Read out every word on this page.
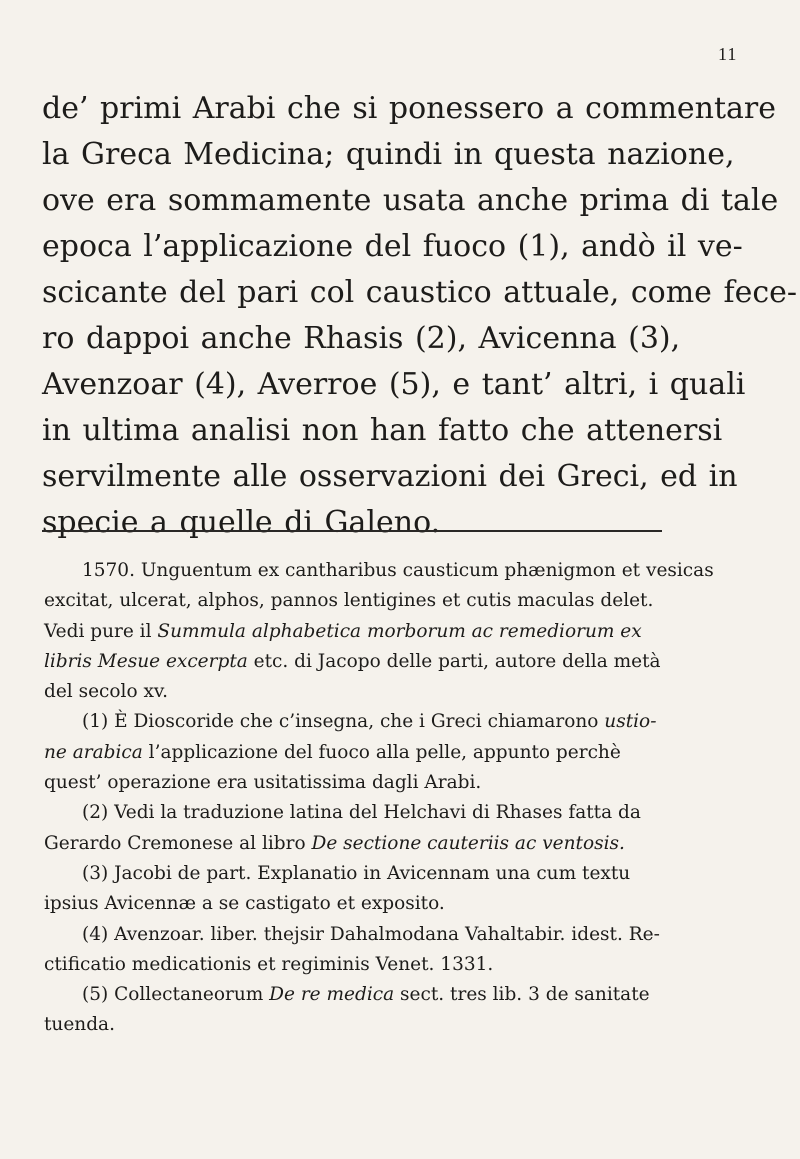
11
de’ primi Arabi che si ponessero a commentare
la Greca Medicina; quindi in questa nazione,
ove era sommamente usata anche prima di tale
epoca l’applicazione del fuoco (1), andò il ve-
scicante del pari col caustico attuale, come fece-
ro dappoi anche Rhasis (2), Avicenna (3),
Avenzoar (4), Averroe (5), e tant’ altri, i quali
in ultima analisi non han fatto che attenersi
servilmente alle osservazioni dei Greci, ed in
specie a quelle di Galeno.
1570. Unguentum ex cantharibus causticum phænigmon et vesicas
excitat, ulcerat, alphos, pannos lentigines et cutis maculas delet.
Vedi pure il Summula alphabetica morborum ac remediorum ex
libris Mesue excerpta etc. di Jacopo delle parti, autore della metà
del secolo xv.
(1) È Dioscoride che c’insegna, che i Greci chiamarono ustio-
ne arabica l’applicazione del fuoco alla pelle, appunto perchè
quest’ operazione era usitatissima dagli Arabi.
(2) Vedi la traduzione latina del Helchavi di Rhases fatta da
Gerardo Cremonese al libro De sectione cauteriis ac ventosis.
(3) Jacobi de part. Explanatio in Avicennam una cum textu
ipsius Avicennæ a se castigato et exposito.
(4) Avenzoar. liber. thejsir Dahalmodana Vahaltabir. idest. Re-
ctificatio medicationis et regiminis Venet. 1331.
(5) Collectaneorum De re medica sect. tres lib. 3 de sanitate
tuenda.
